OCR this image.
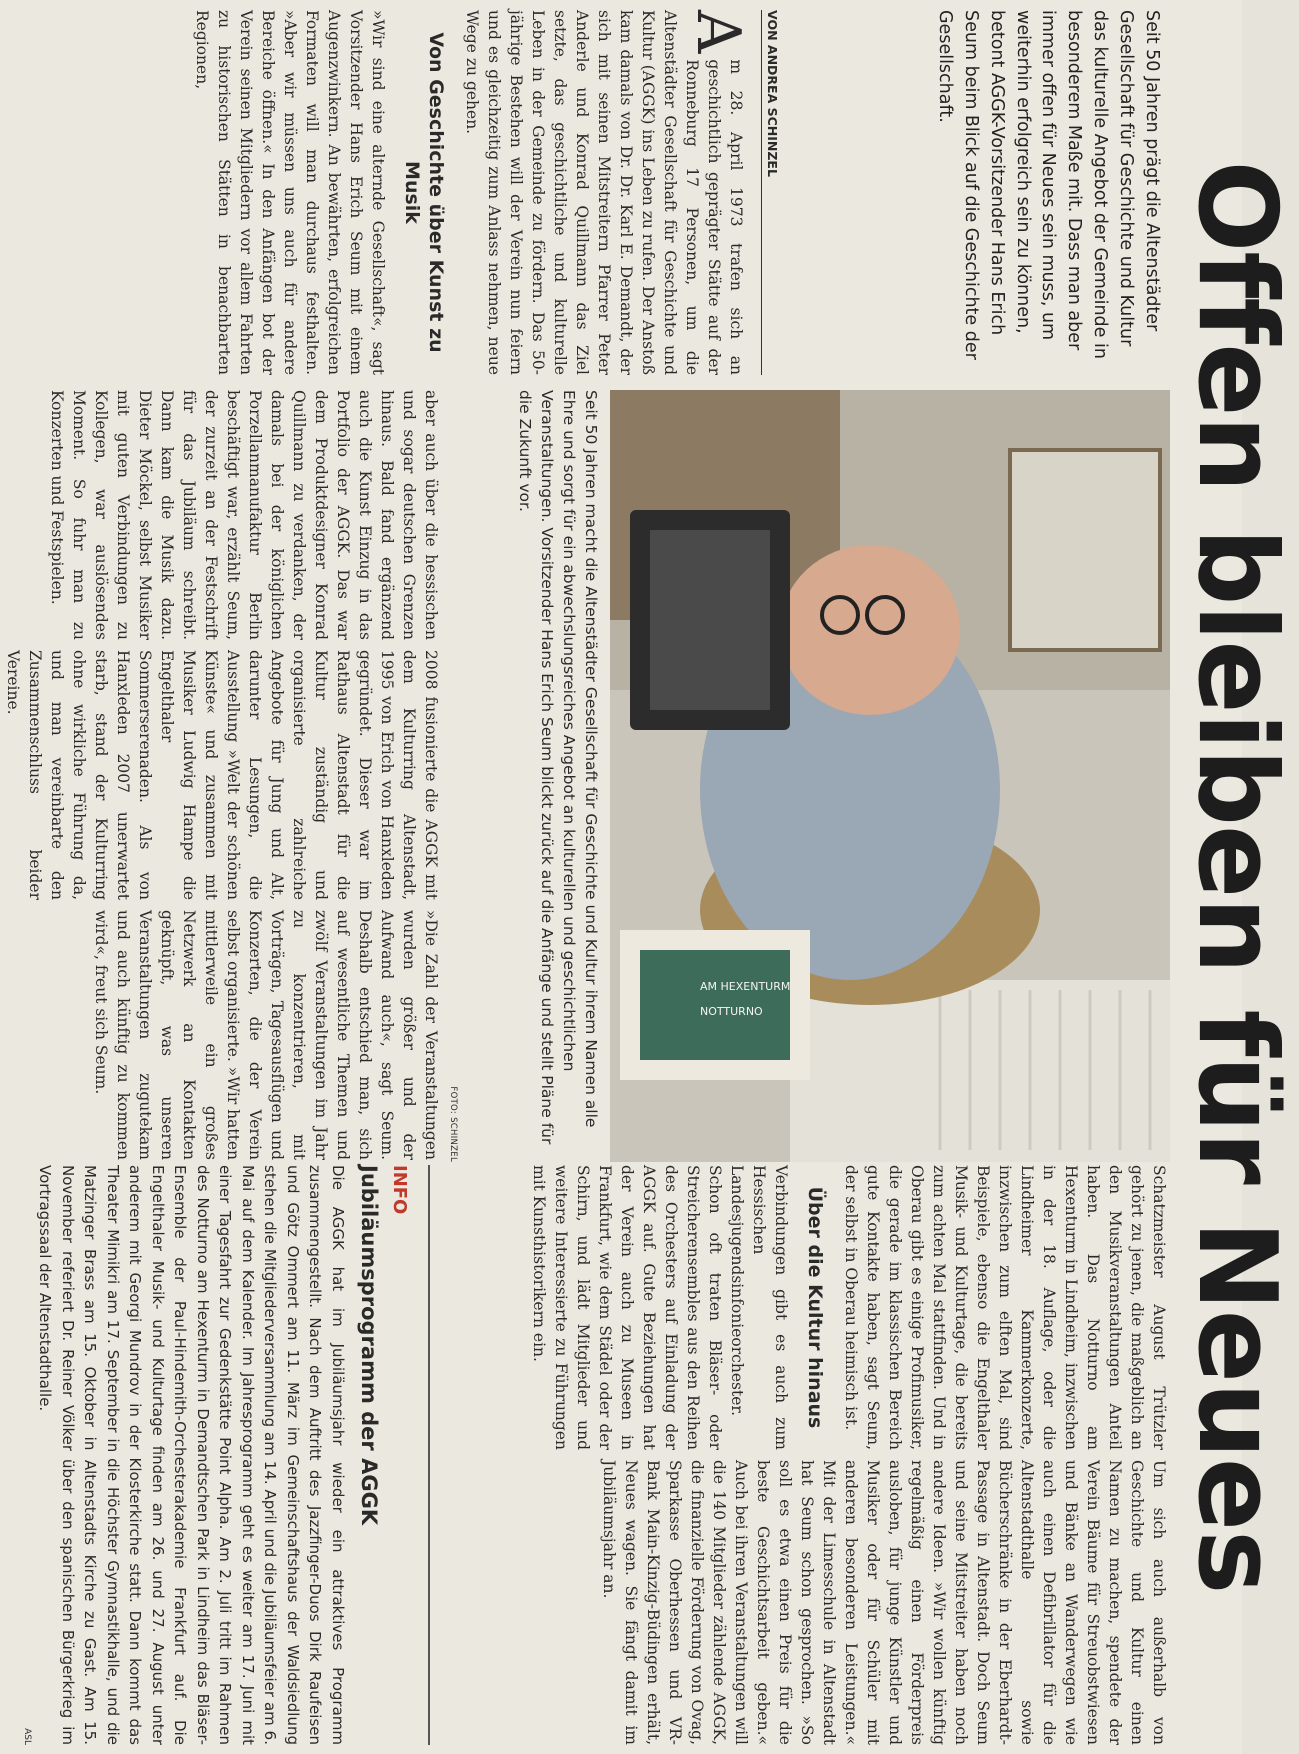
Offen bleiben für Neues
Seit 50 Jahren prägt die Altenstädter Gesellschaft für Geschichte und Kultur das kulturelle Angebot der Gemeinde in besonderem Maße mit. Dass man aber immer offen für Neues sein muss, um weiterhin erfolgreich sein zu können, betont AGGK-Vorsitzender Hans Erich Seum beim Blick auf die Geschichte der Gesellschaft.
VON ANDREA SCHINZEL

A
m 28. April 1973 trafen sich an geschichtlich geprägter Stätte auf der Ronneburg 17 Personen, um die Altenstädter Gesellschaft für Geschichte und Kultur (AGGK) ins Leben zu rufen. Der Anstoß kam damals von Dr. Dr. Karl E. Demandt, der sich mit seinen Mitstreitern Pfarrer Peter Anderle und Konrad Quillmann das Ziel setzte, das geschichtliche und kulturelle Leben in der Gemeinde zu fördern. Das 50-jährige Bestehen will der Verein nun feiern und es gleichzeitig zum Anlass nehmen, neue Wege zu gehen.

Von Geschichte über Kunst zu Musik

»Wir sind eine alternde Gesellschaft«, sagt Vorsitzender Hans Erich Seum mit einem Augenzwinkern. An bewährten, erfolgreichen Formaten will man durchaus festhalten. »Aber wir müssen uns auch für andere Bereiche öffnen.« In den Anfängen bot der Verein seinen Mitgliedern vor allem Fahrten zu historischen Stätten in benachbarten Regionen,

AM HEXENTURM
NOTTURNO
Seit 50 Jahren macht die Altenstädter Gesellschaft für Geschichte und Kultur ihrem Namen alle Ehre und sorgt für ein abwechslungsreiches Angebot an kulturellen und geschichtlichen Veranstaltungen. Vorsitzender Hans Erich Seum blickt zurück auf die Anfänge und stellt Pläne für die Zukunft vor.
FOTO: SCHINZEL

aber auch über die hessischen und sogar deutschen Grenzen hinaus. Bald fand ergänzend auch die Kunst Einzug in das Portfolio der AGGK. Das war dem Produktdesigner Konrad Quillmann zu verdanken, der damals bei der königlichen Porzellanmanufaktur Berlin beschäftigt war, erzählt Seum, der zurzeit an der Festschrift für das Jubiläum schreibt. Dann kam die Musik dazu. Dieter Möckel, selbst Musiker mit guten Verbindungen zu Kollegen, war auslösendes Moment. So fuhr man zu Konzerten und Festspielen.

2008 fusionierte die AGGK mit dem Kulturring Altenstadt, 1995 von Erich von Hanxleden gegründet. Dieser war im Rathaus Altenstadt für die Kultur zuständig und organisierte zahlreiche Angebote für Jung und Alt, darunter Lesungen, die Ausstellung »Welt der schönen Künste« und zusammen mit Musiker Ludwig Hampe die Engelthaler Sommerserenaden. Als von Hanxleden 2007 unerwartet starb, stand der Kulturring ohne wirkliche Führung da, und man vereinbarte den Zusammenschluss beider Vereine.

»Die Zahl der Veranstaltungen wurden größer und der Aufwand auch«, sagt Seum. Deshalb entschied man, sich auf wesentliche Themen und zwölf Veranstaltungen im Jahr zu konzentrieren, mit Vorträgen, Tagesausflügen und Konzerten, die der Verein selbst organisierte. »Wir hatten mittlerweile ein großes Netzwerk an Kontakten geknüpft, was unseren Veranstaltungen zugutekam und auch künftig zu kommen wird«, freut sich Seum.

Schatzmeister August Trützler gehört zu jenen, die maßgeblich an den Musikveranstaltungen Anteil haben. Das Notturno am Hexenturm in Lindheim, inzwischen in der 18. Auflage, oder die Lindheimer Kammerkonzerte, inzwischen zum elften Mal, sind Beispiele, ebenso die Engelthaler Musik- und Kulturtage, die bereits zum achten Mal stattfinden. Und in Oberau gibt es einige Profimusiker, die gerade im klassischen Bereich gute Kontakte haben, sagt Seum, der selbst in Oberau heimisch ist.

Über die Kultur hinaus

Verbindungen gibt es auch zum Hessischen Landesjugendsinfonieorchester. Schon oft traten Bläser- oder Streicherensembles aus den Reihen des Orchesters auf Einladung der AGGK auf. Gute Beziehungen hat der Verein auch zu Museen in Frankfurt, wie dem Städel oder der Schirn, und lädt Mitglieder und weitere Interessierte zu Führungen mit Kunsthistorikern ein.

Um sich auch außerhalb von Geschichte und Kultur einen Namen zu machen, spendete der Verein Bäume für Streuobstwiesen und Bänke an Wanderwegen wie auch einen Defibrillator für die Altenstadthalle sowie Bücherschränke in der Eberhardt-Passage in Altenstadt. Doch Seum und seine Mitstreiter haben noch andere Ideen. »Wir wollen künftig regelmäßig einen Förderpreis ausloben, für junge Künstler und Musiker oder für Schüler mit anderen besonderen Leistungen.« Mit der Limesschule in Altenstadt hat Seum schon gesprochen. »So soll es etwa einen Preis für die beste Geschichtsarbeit geben.« Auch bei ihren Veranstaltungen will die 140 Mitglieder zählende AGGK, die finanzielle Förderung von Ovag, Sparkasse Oberhessen und VR-Bank Main-Kinzig-Büdingen erhält, Neues wagen. Sie fängt damit im Jubiläumsjahr an.

INFO
Jubiläumsprogramm der AGGK
Die AGGK hat im Jubiläumsjahr wieder ein attraktives Programm zusammengestellt. Nach dem Auftritt des Jazzfinger-Duos Dirk Raufeisen und Götz Ommert am 11. März im Gemeinschaftshaus der Waldsiedlung stehen die Mitgliederversammlung am 14. April und die Jubiläumsfeier am 6. Mai auf dem Kalender. Im Jahresprogramm geht es weiter am 17. Juni mit einer Tagesfahrt zur Gedenkstätte Point Alpha. Am 2. Juli tritt im Rahmen des Notturno am Hexenturm in Demandtschen Park in Lindheim das Bläser-Ensemble der Paul-Hindemith-Orchesterakademie Frankfurt auf. Die Engelthaler Musik- und Kulturtage finden am 26. und 27. August unter anderem mit Georgi Mundrov in der Klosterkirche statt. Dann kommt das Theater Mimikri am 17. September in die Höchster Gymnastikhalle, und die Matzinger Brass am 15. Oktober in Altenstadts Kirche zu Gast. Am 15. November referiert Dr. Reiner Völker über den spanischen Bürgerkrieg im Vortragssaal der Altenstadthalle.
ASL
